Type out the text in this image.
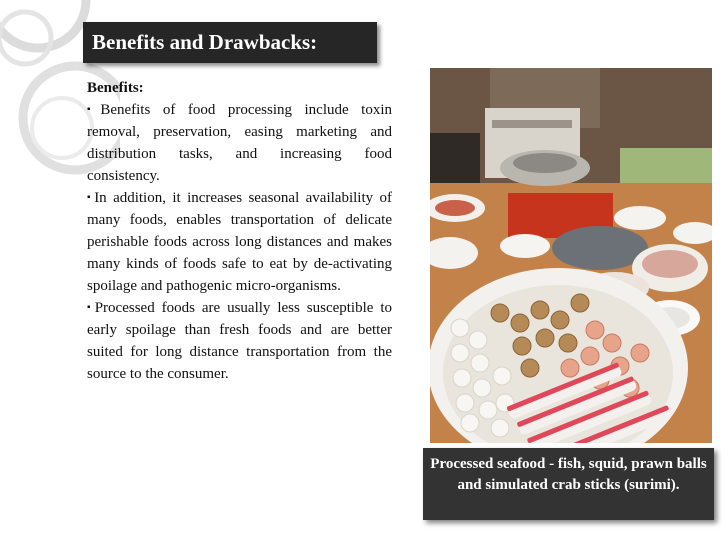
Benefits and Drawbacks:

Benefits:

▪Benefits of food processing include toxin removal, preservation, easing marketing and distribution tasks, and increasing food consistency.

▪In addition, it increases seasonal availability of many foods, enables transportation of delicate perishable foods across long distances and makes many kinds of foods safe to eat by de-activating spoilage and pathogenic micro-organisms.

▪Processed foods are usually less susceptible to early spoilage than fresh foods and are better suited for long distance transportation from the source to the consumer.

Processed seafood - fish, squid, prawn balls and simulated crab sticks (surimi).
